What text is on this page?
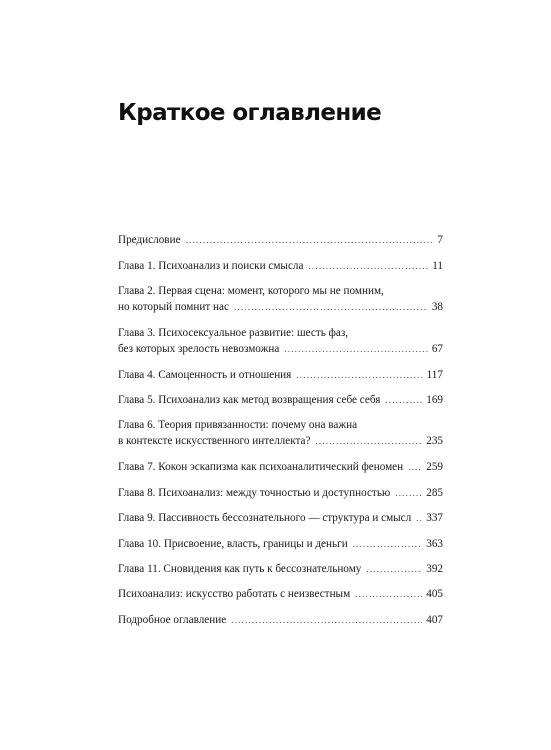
Краткое оглавление
Предисловие .....	7
Глава 1. Психоанализ и поиски смысла .....	11
Глава 2. Первая сцена: момент, которого мы не помним,
но который помнит нас .....	38
Глава 3. Психосексуальное развитие: шесть фаз,
без которых зрелость невозможна .....	67
Глава 4. Самоценность и отношения .....	117
Глава 5. Психоанализ как метод возвращения себе себя .....	169
Глава 6. Теория привязанности: почему она важна
в контексте искусственного интеллекта? .....	235
Глава 7. Кокон эскапизма как психоаналитический феномен ..... 259
Глава 8. Психоанализ: между точностью и доступностью .....	285
Глава 9. Пассивность бессознательного — структура и смысл ..... 337
Глава 10. Присвоение, власть, границы и деньги .....	363
Глава 11. Сновидения как путь к бессознательному .....	392
Психоанализ: искусство работать с неизвестным .....	405
Подробное оглавление .....	407
